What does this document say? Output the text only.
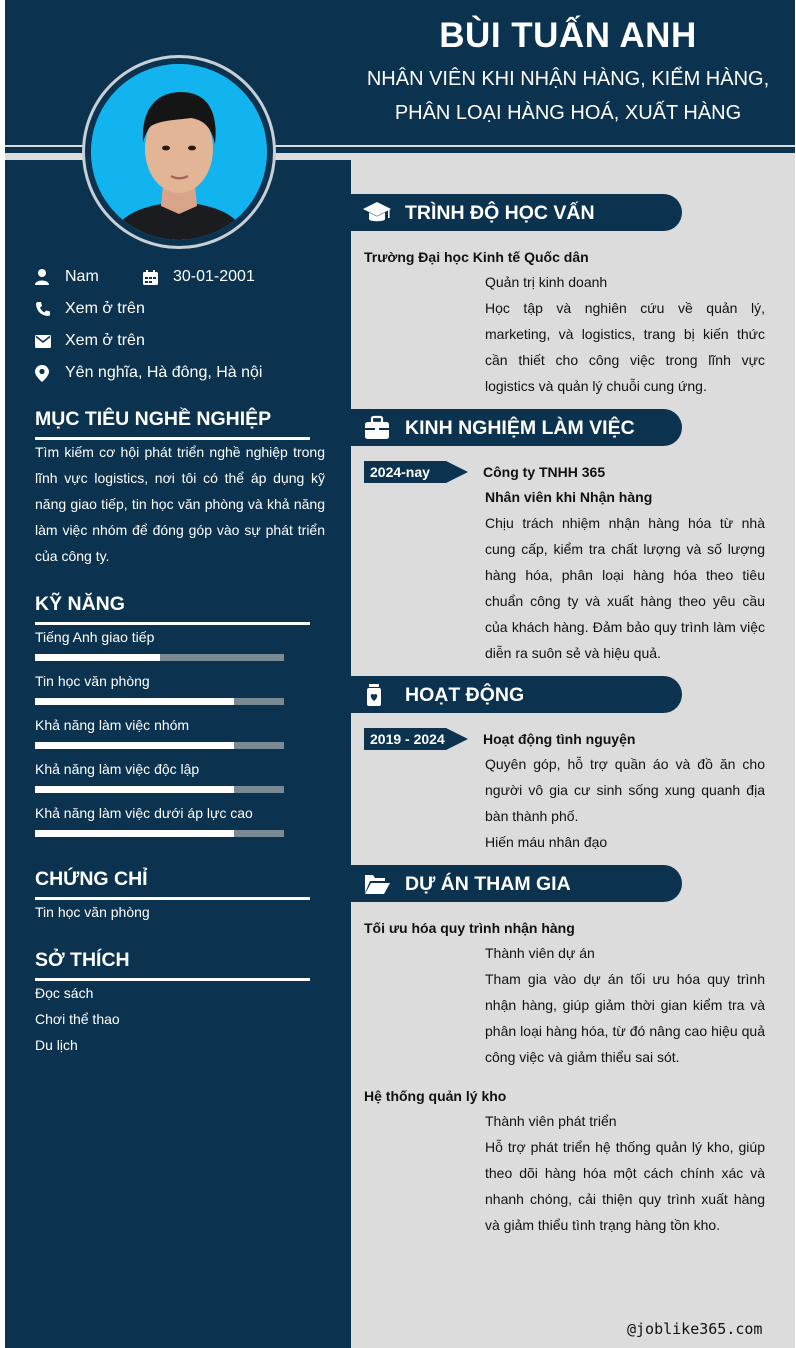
BÙI TUẤN ANH
NHÂN VIÊN KHI NHẬN HÀNG, KIỂM HÀNG,
PHÂN LOẠI HÀNG HOÁ, XUẤT HÀNG
Nam	30-01-2001
Xem ở trên
Xem ở trên
Yên nghĩa, Hà đông, Hà nội
MỤC TIÊU NGHỀ NGHIỆP
Tìm kiếm cơ hội phát triển nghề nghiệp trong lĩnh vực logistics, nơi tôi có thể áp dụng kỹ năng giao tiếp, tin học văn phòng và khả năng làm việc nhóm để đóng góp vào sự phát triển của công ty.
KỸ NĂNG
Tiếng Anh giao tiếp
Tin học văn phòng
Khả năng làm việc nhóm
Khả năng làm việc độc lập
Khả năng làm việc dưới áp lực cao
CHỨNG CHỈ
Tin học văn phòng
SỞ THÍCH
Đọc sách
Chơi thể thao
Du lịch
TRÌNH ĐỘ HỌC VẤN
Trường Đại học Kinh tế Quốc dân
Quản trị kinh doanh
Học tập và nghiên cứu về quản lý, marketing, và logistics, trang bị kiến thức cần thiết cho công việc trong lĩnh vực logistics và quản lý chuỗi cung ứng.
KINH NGHIỆM LÀM VIỆC
2024-nay	Công ty TNHH 365
Nhân viên khi Nhận hàng
Chịu trách nhiệm nhận hàng hóa từ nhà cung cấp, kiểm tra chất lượng và số lượng hàng hóa, phân loại hàng hóa theo tiêu chuẩn công ty và xuất hàng theo yêu cầu của khách hàng. Đảm bảo quy trình làm việc diễn ra suôn sẻ và hiệu quả.
HOẠT ĐỘNG
2019 - 2024	Hoạt động tình nguyện
Quyên góp, hỗ trợ quần áo và đồ ăn cho người vô gia cư sinh sống xung quanh địa bàn thành phố.
Hiến máu nhân đạo
DỰ ÁN THAM GIA
Tối ưu hóa quy trình nhận hàng
Thành viên dự án
Tham gia vào dự án tối ưu hóa quy trình nhận hàng, giúp giảm thời gian kiểm tra và phân loại hàng hóa, từ đó nâng cao hiệu quả công việc và giảm thiểu sai sót.
Hệ thống quản lý kho
Thành viên phát triển
Hỗ trợ phát triển hệ thống quản lý kho, giúp theo dõi hàng hóa một cách chính xác và nhanh chóng, cải thiện quy trình xuất hàng và giảm thiểu tình trạng hàng tồn kho.
@joblike365.com
